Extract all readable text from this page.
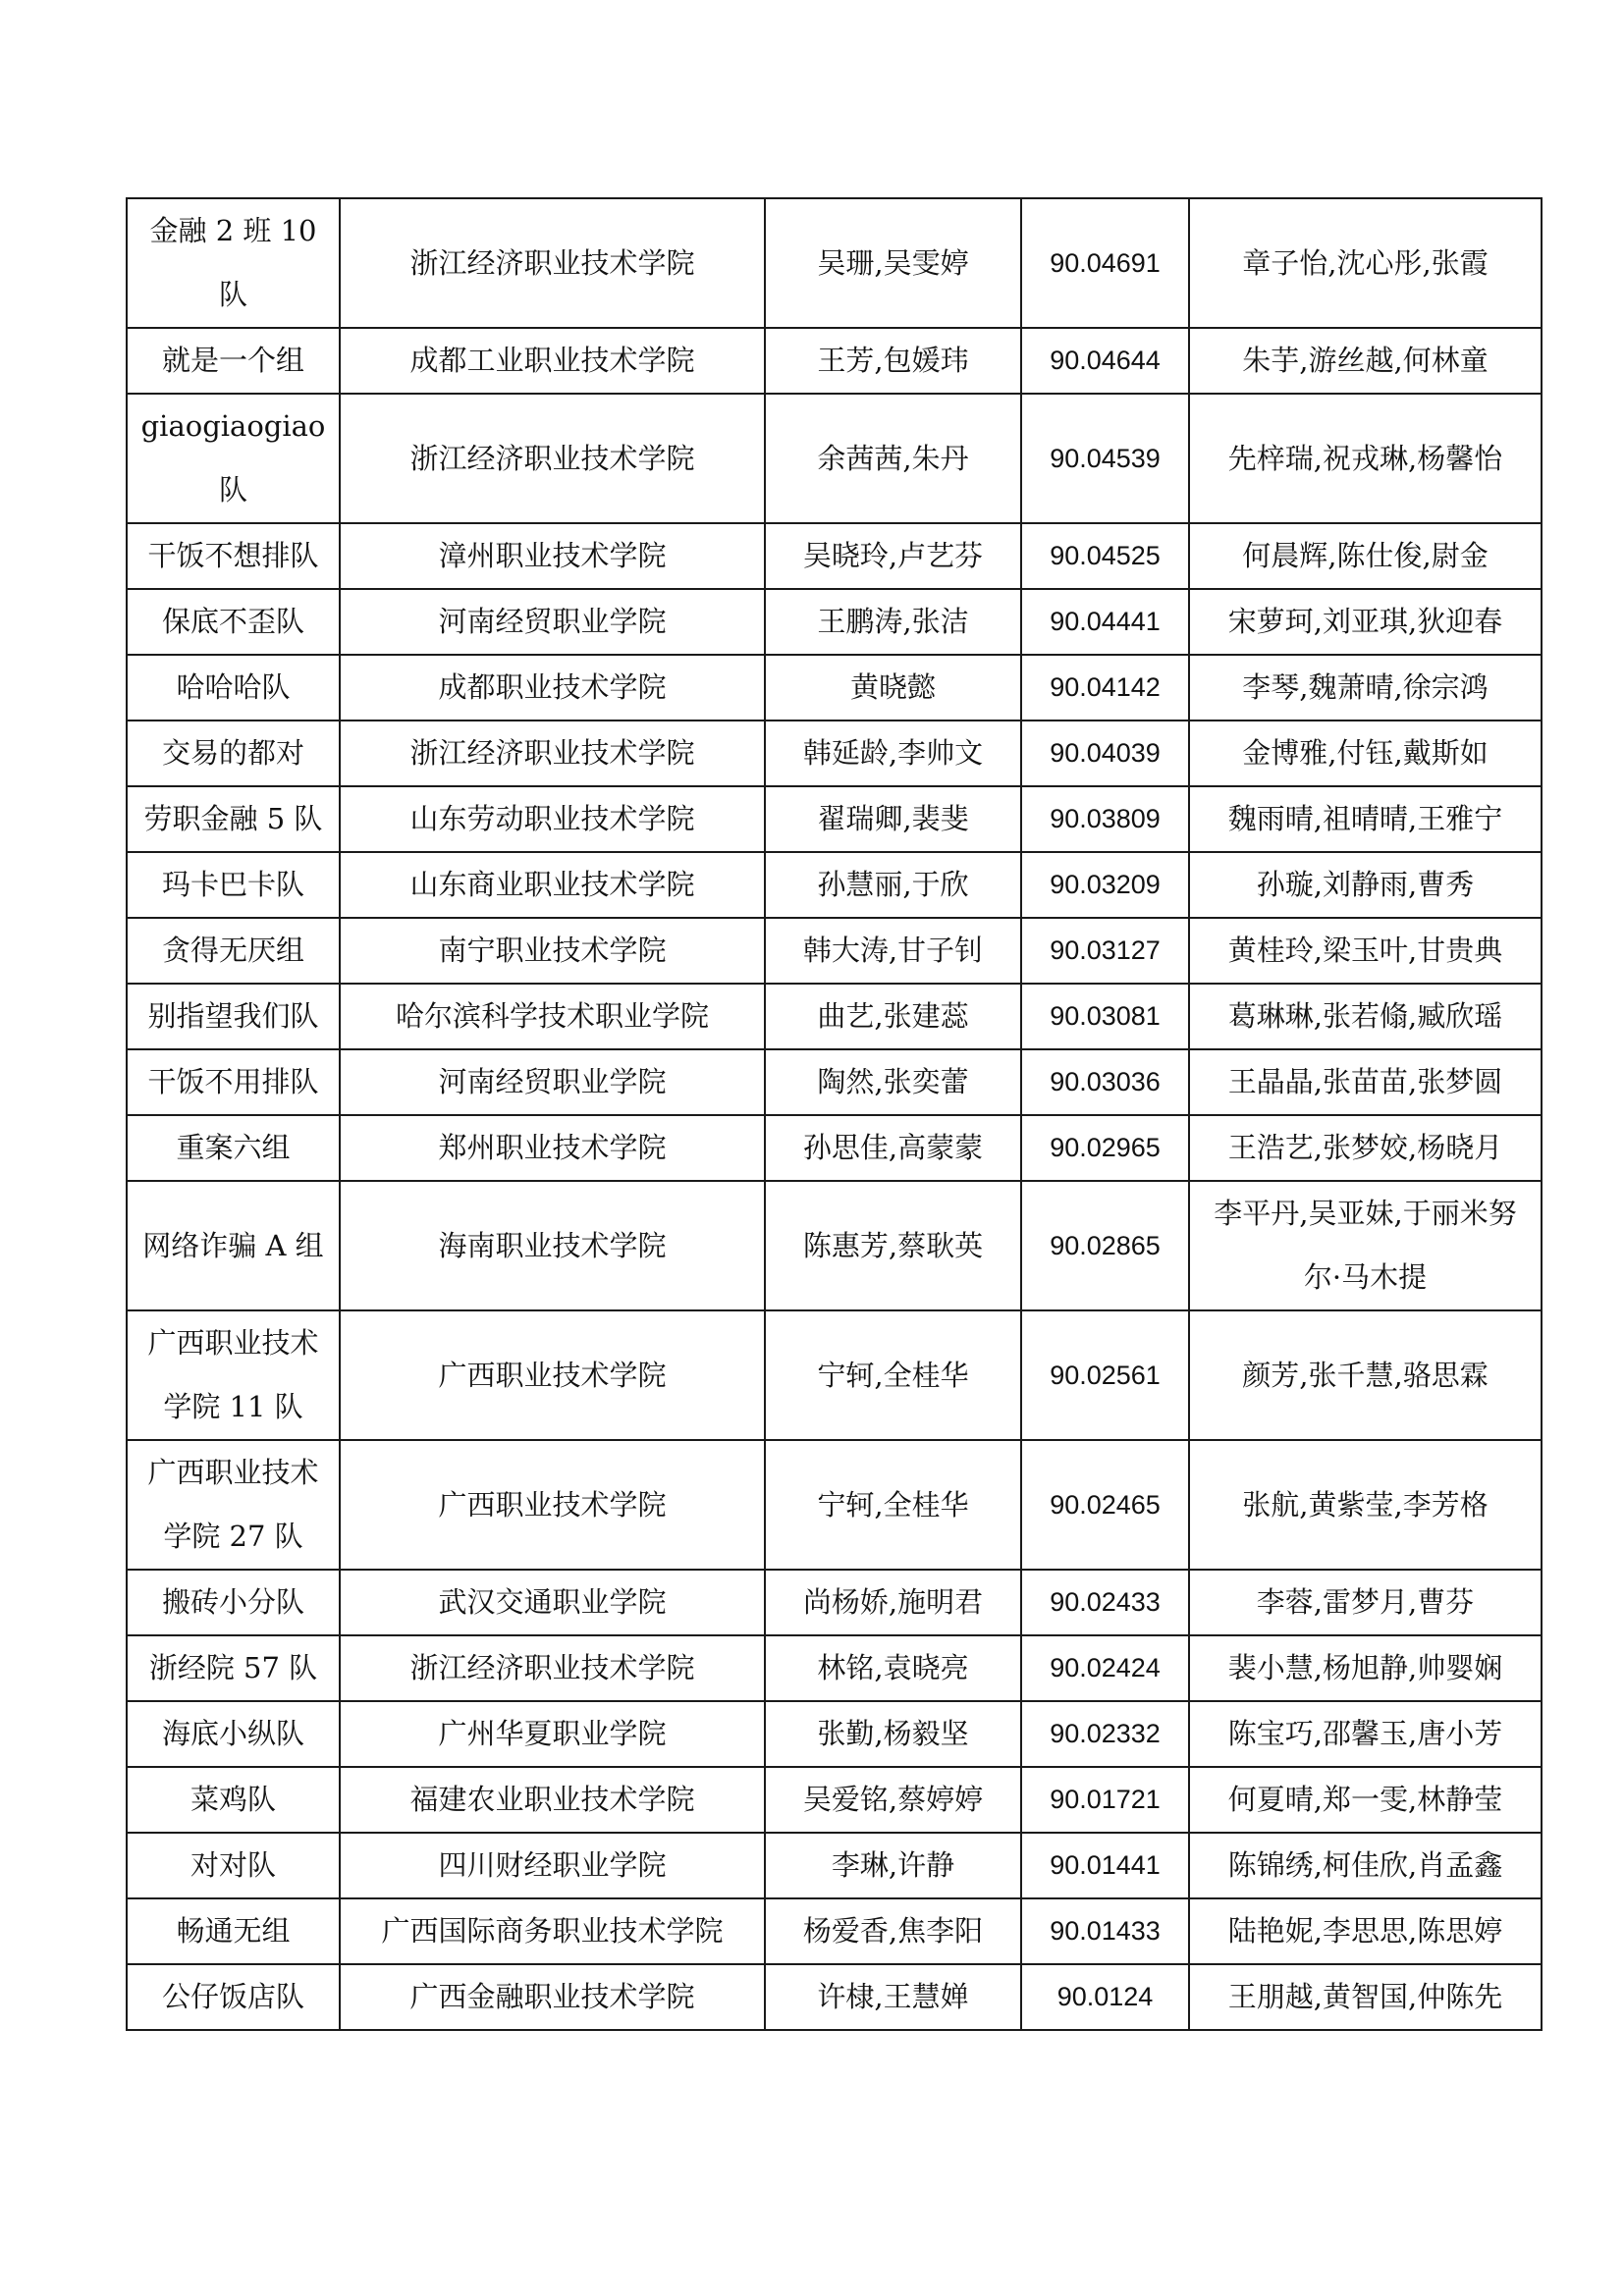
金融 2 班 10 队	浙江经济职业技术学院	吴珊,吴雯婷	90.04691	章子怡,沈心彤,张霞
就是一个组	成都工业职业技术学院	王芳,包媛玮	90.04644	朱芋,游丝越,何林童
giaogiaogiao 队	浙江经济职业技术学院	余茜茜,朱丹	90.04539	先梓瑞,祝戎琳,杨馨怡
干饭不想排队	漳州职业技术学院	吴晓玲,卢艺芬	90.04525	何晨辉,陈仕俊,尉金
保底不歪队	河南经贸职业学院	王鹏涛,张洁	90.04441	宋萝珂,刘亚琪,狄迎春
哈哈哈队	成都职业技术学院	黄晓懿	90.04142	李琴,魏萧晴,徐宗鸿
交易的都对	浙江经济职业技术学院	韩延龄,李帅文	90.04039	金博雅,付钰,戴斯如
劳职金融 5 队	山东劳动职业技术学院	翟瑞卿,裴斐	90.03809	魏雨晴,祖晴晴,王雅宁
玛卡巴卡队	山东商业职业技术学院	孙慧丽,于欣	90.03209	孙璇,刘静雨,曹秀
贪得无厌组	南宁职业技术学院	韩大涛,甘子钊	90.03127	黄桂玲,梁玉叶,甘贵典
别指望我们队	哈尔滨科学技术职业学院	曲艺,张建蕊	90.03081	葛琳琳,张若翛,臧欣瑶
干饭不用排队	河南经贸职业学院	陶然,张奕蕾	90.03036	王晶晶,张苗苗,张梦圆
重案六组	郑州职业技术学院	孙思佳,高蒙蒙	90.02965	王浩艺,张梦姣,杨晓月
网络诈骗 A 组	海南职业技术学院	陈惠芳,蔡耿英	90.02865	李平丹,吴亚妹,于丽米努尔·马木提
广西职业技术学院 11 队	广西职业技术学院	宁轲,全桂华	90.02561	颜芳,张千慧,骆思霖
广西职业技术学院 27 队	广西职业技术学院	宁轲,全桂华	90.02465	张航,黄紫莹,李芳格
搬砖小分队	武汉交通职业学院	尚杨娇,施明君	90.02433	李蓉,雷梦月,曹芬
浙经院 57 队	浙江经济职业技术学院	林铭,袁晓亮	90.02424	裴小慧,杨旭静,帅婴娴
海底小纵队	广州华夏职业学院	张勤,杨毅坚	90.02332	陈宝巧,邵馨玉,唐小芳
菜鸡队	福建农业职业技术学院	吴爱铭,蔡婷婷	90.01721	何夏晴,郑一雯,林静莹
对对队	四川财经职业学院	李琳,许静	90.01441	陈锦绣,柯佳欣,肖孟鑫
畅通无组	广西国际商务职业技术学院	杨爱香,焦李阳	90.01433	陆艳妮,李思思,陈思婷
公仔饭店队	广西金融职业技术学院	许棣,王慧婵	90.0124	王朋越,黄智国,仲陈先
